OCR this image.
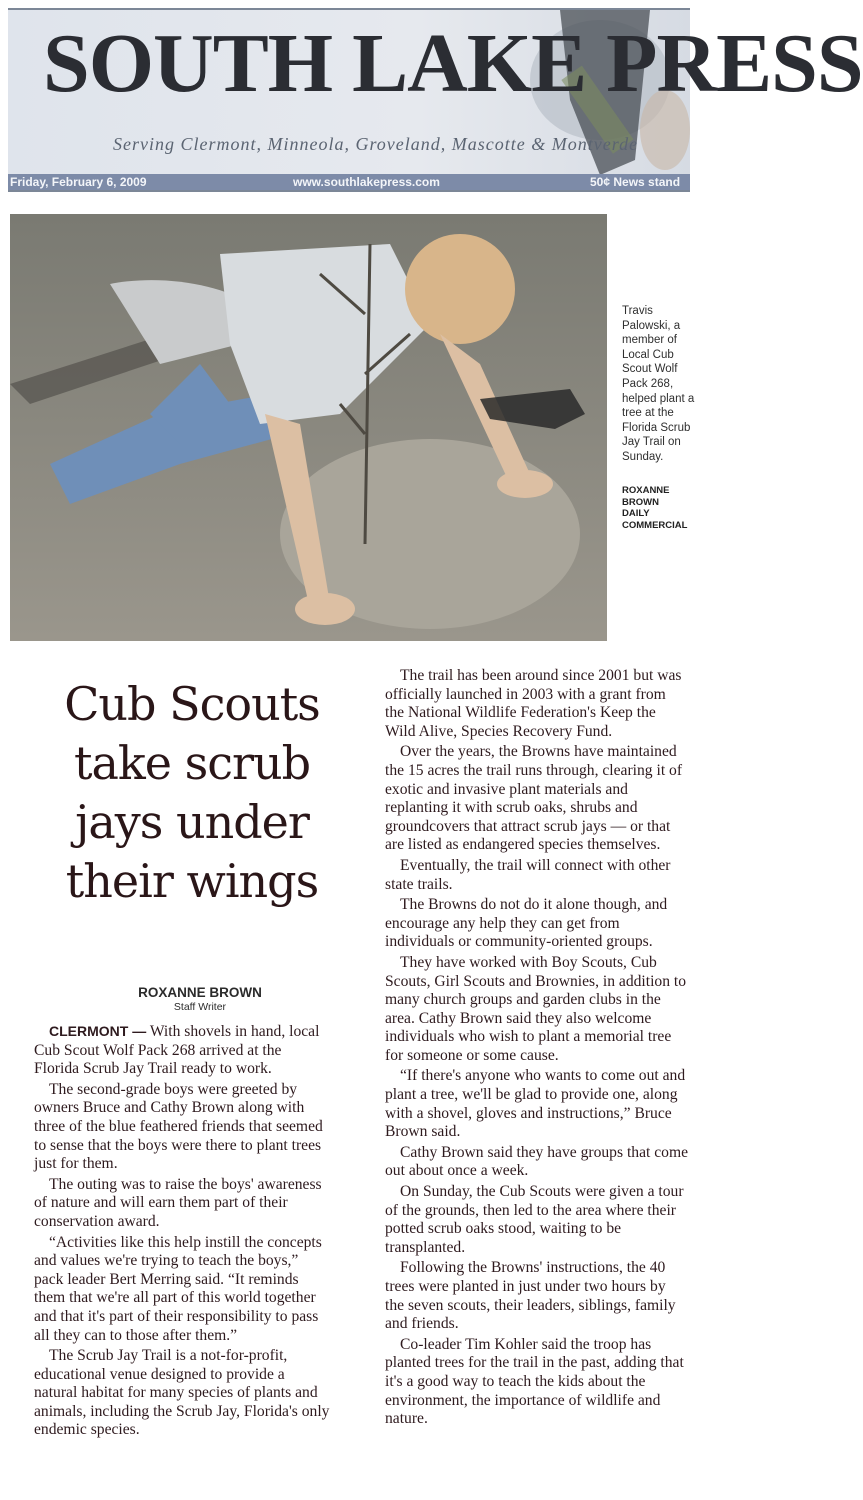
SOUTH LAKE PRESS
Serving Clermont, Minneola, Groveland, Mascotte & Montverde
Friday, February 6, 2009	www.southlakepress.com	50¢ News stand
Travis Palowski, a member of Local Cub Scout Wolf Pack 268, helped plant a tree at the Florida Scrub Jay Trail on Sunday.
ROXANNE BROWN
DAILY COMMERCIAL
Cub Scouts take scrub jays under their wings
ROXANNE BROWN
Staff Writer

CLERMONT — With shovels in hand, local Cub Scout Wolf Pack 268 arrived at the Florida Scrub Jay Trail ready to work.

The second-grade boys were greeted by owners Bruce and Cathy Brown along with three of the blue feathered friends that seemed to sense that the boys were there to plant trees just for them.

The outing was to raise the boys' awareness of nature and will earn them part of their conservation award.

“Activities like this help instill the concepts and values we're trying to teach the boys,” pack leader Bert Merring said. “It reminds them that we're all part of this world together and that it's part of their responsibility to pass all they can to those after them.”

The Scrub Jay Trail is a not-for-profit, educational venue designed to provide a natural habitat for many species of plants and animals, including the Scrub Jay, Florida's only endemic species.

The trail has been around since 2001 but was officially launched in 2003 with a grant from the National Wildlife Federation's Keep the Wild Alive, Species Recovery Fund.

Over the years, the Browns have maintained the 15 acres the trail runs through, clearing it of exotic and invasive plant materials and replanting it with scrub oaks, shrubs and groundcovers that attract scrub jays — or that are listed as endangered species themselves.

Eventually, the trail will connect with other state trails.

The Browns do not do it alone though, and encourage any help they can get from individuals or community-oriented groups.

They have worked with Boy Scouts, Cub Scouts, Girl Scouts and Brownies, in addition to many church groups and garden clubs in the area. Cathy Brown said they also welcome individuals who wish to plant a memorial tree for someone or some cause.

“If there's anyone who wants to come out and plant a tree, we'll be glad to provide one, along with a shovel, gloves and instructions,” Bruce Brown said.

Cathy Brown said they have groups that come out about once a week.

On Sunday, the Cub Scouts were given a tour of the grounds, then led to the area where their potted scrub oaks stood, waiting to be transplanted.

Following the Browns' instructions, the 40 trees were planted in just under two hours by the seven scouts, their leaders, siblings, family and friends.

Co-leader Tim Kohler said the troop has planted trees for the trail in the past, adding that it's a good way to teach the kids about the environment, the importance of wildlife and nature.
